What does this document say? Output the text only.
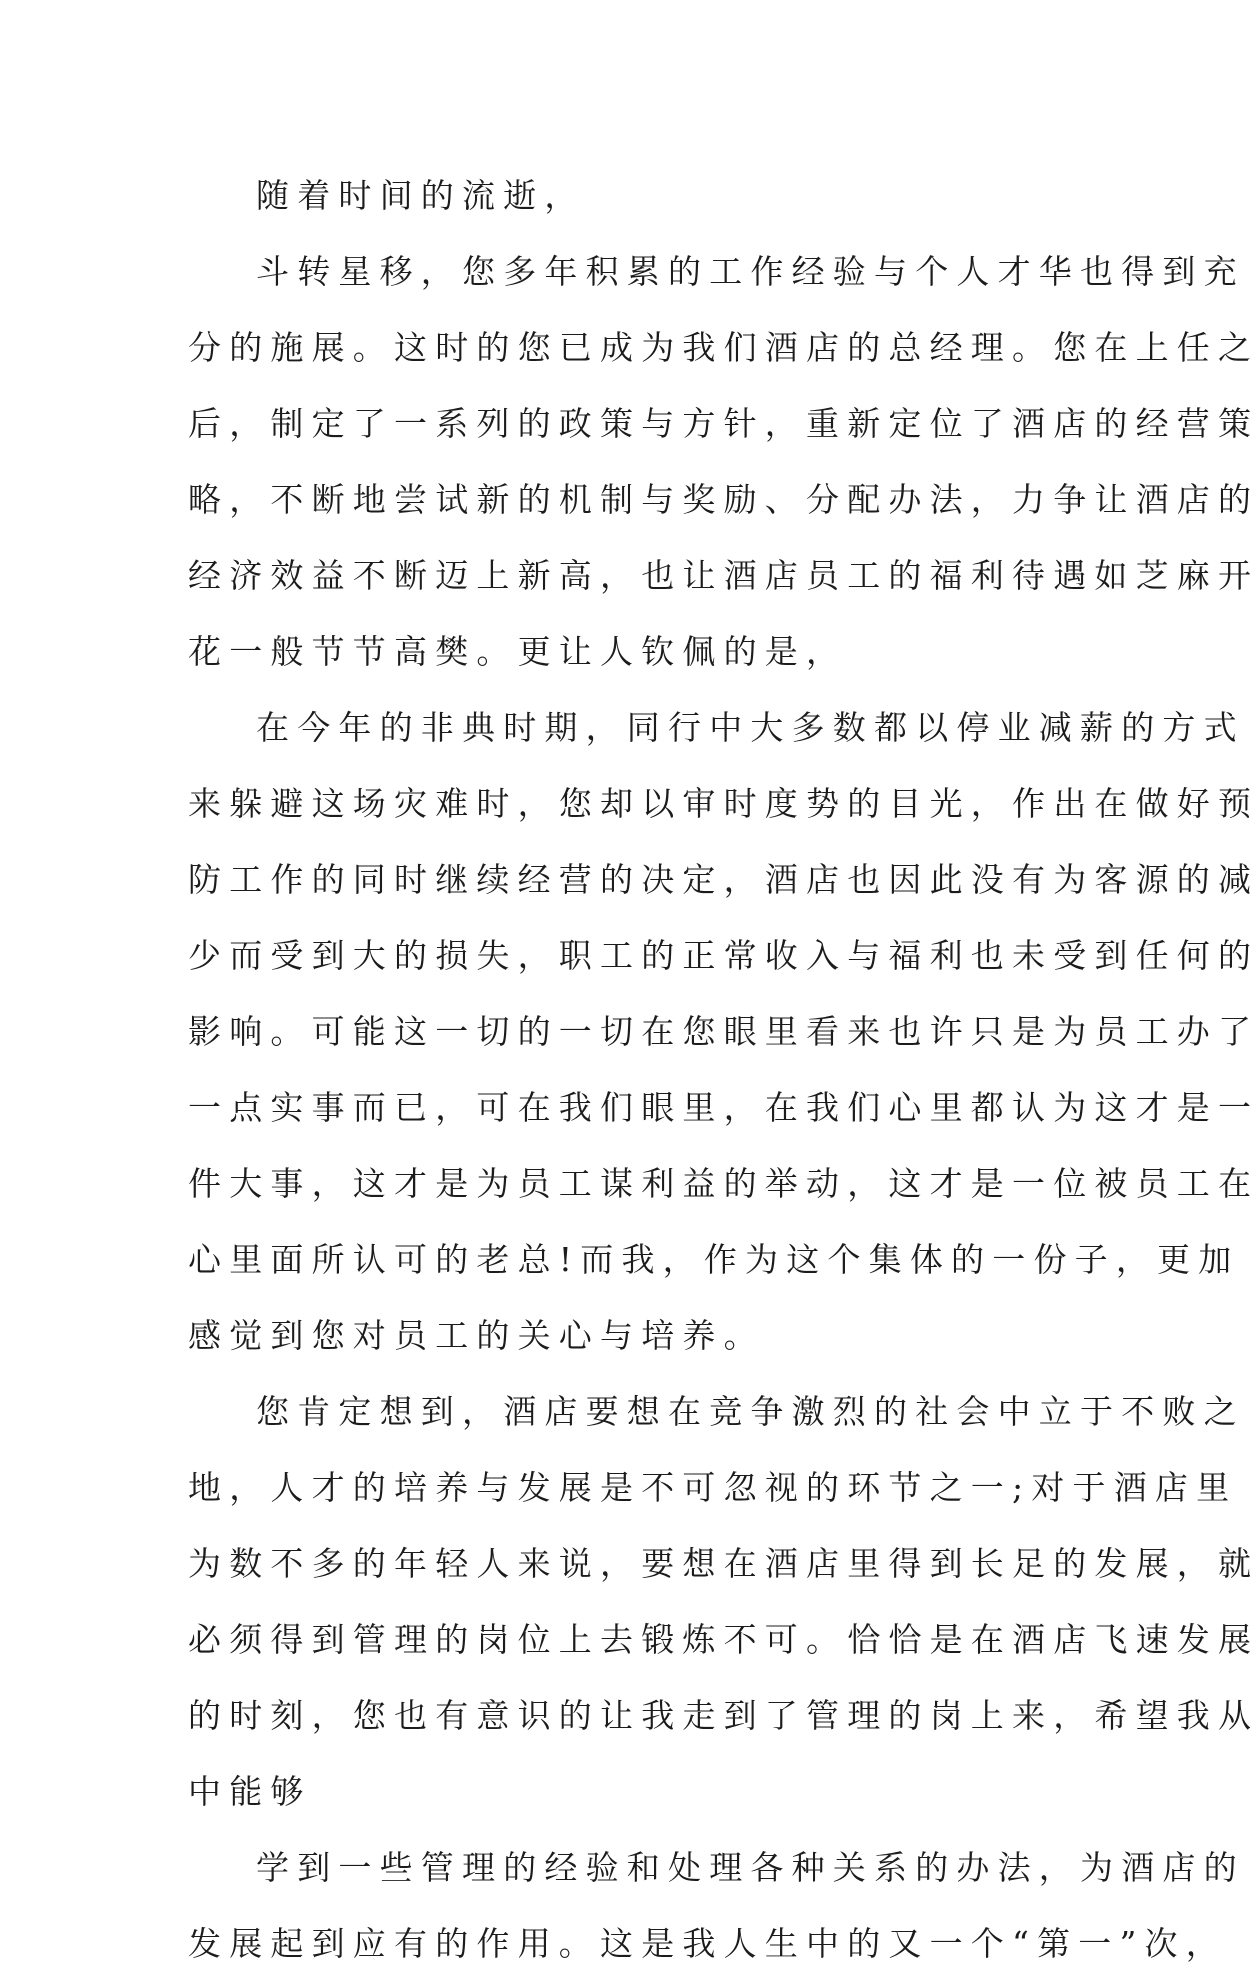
随着时间的流逝，
斗转星移，您多年积累的工作经验与个人才华也得到充
分的施展。这时的您已成为我们酒店的总经理。您在上任之
后，制定了一系列的政策与方针，重新定位了酒店的经营策
略，不断地尝试新的机制与奖励、分配办法，力争让酒店的
经济效益不断迈上新高，也让酒店员工的福利待遇如芝麻开
花一般节节高樊。更让人钦佩的是，
在今年的非典时期，同行中大多数都以停业减薪的方式
来躲避这场灾难时，您却以审时度势的目光，作出在做好预
防工作的同时继续经营的决定，酒店也因此没有为客源的减
少而受到大的损失，职工的正常收入与福利也未受到任何的
影响。可能这一切的一切在您眼里看来也许只是为员工办了
一点实事而已，可在我们眼里，在我们心里都认为这才是一
件大事，这才是为员工谋利益的举动，这才是一位被员工在
心里面所认可的老总!而我，作为这个集体的一份子，更加
感觉到您对员工的关心与培养。
您肯定想到，酒店要想在竞争激烈的社会中立于不败之
地，人才的培养与发展是不可忽视的环节之一;对于酒店里
为数不多的年轻人来说，要想在酒店里得到长足的发展，就
必须得到管理的岗位上去锻炼不可。恰恰是在酒店飞速发展
的时刻，您也有意识的让我走到了管理的岗上来，希望我从
中能够
学到一些管理的经验和处理各种关系的办法，为酒店的
发展起到应有的作用。这是我人生中的又一个“第一”次，
